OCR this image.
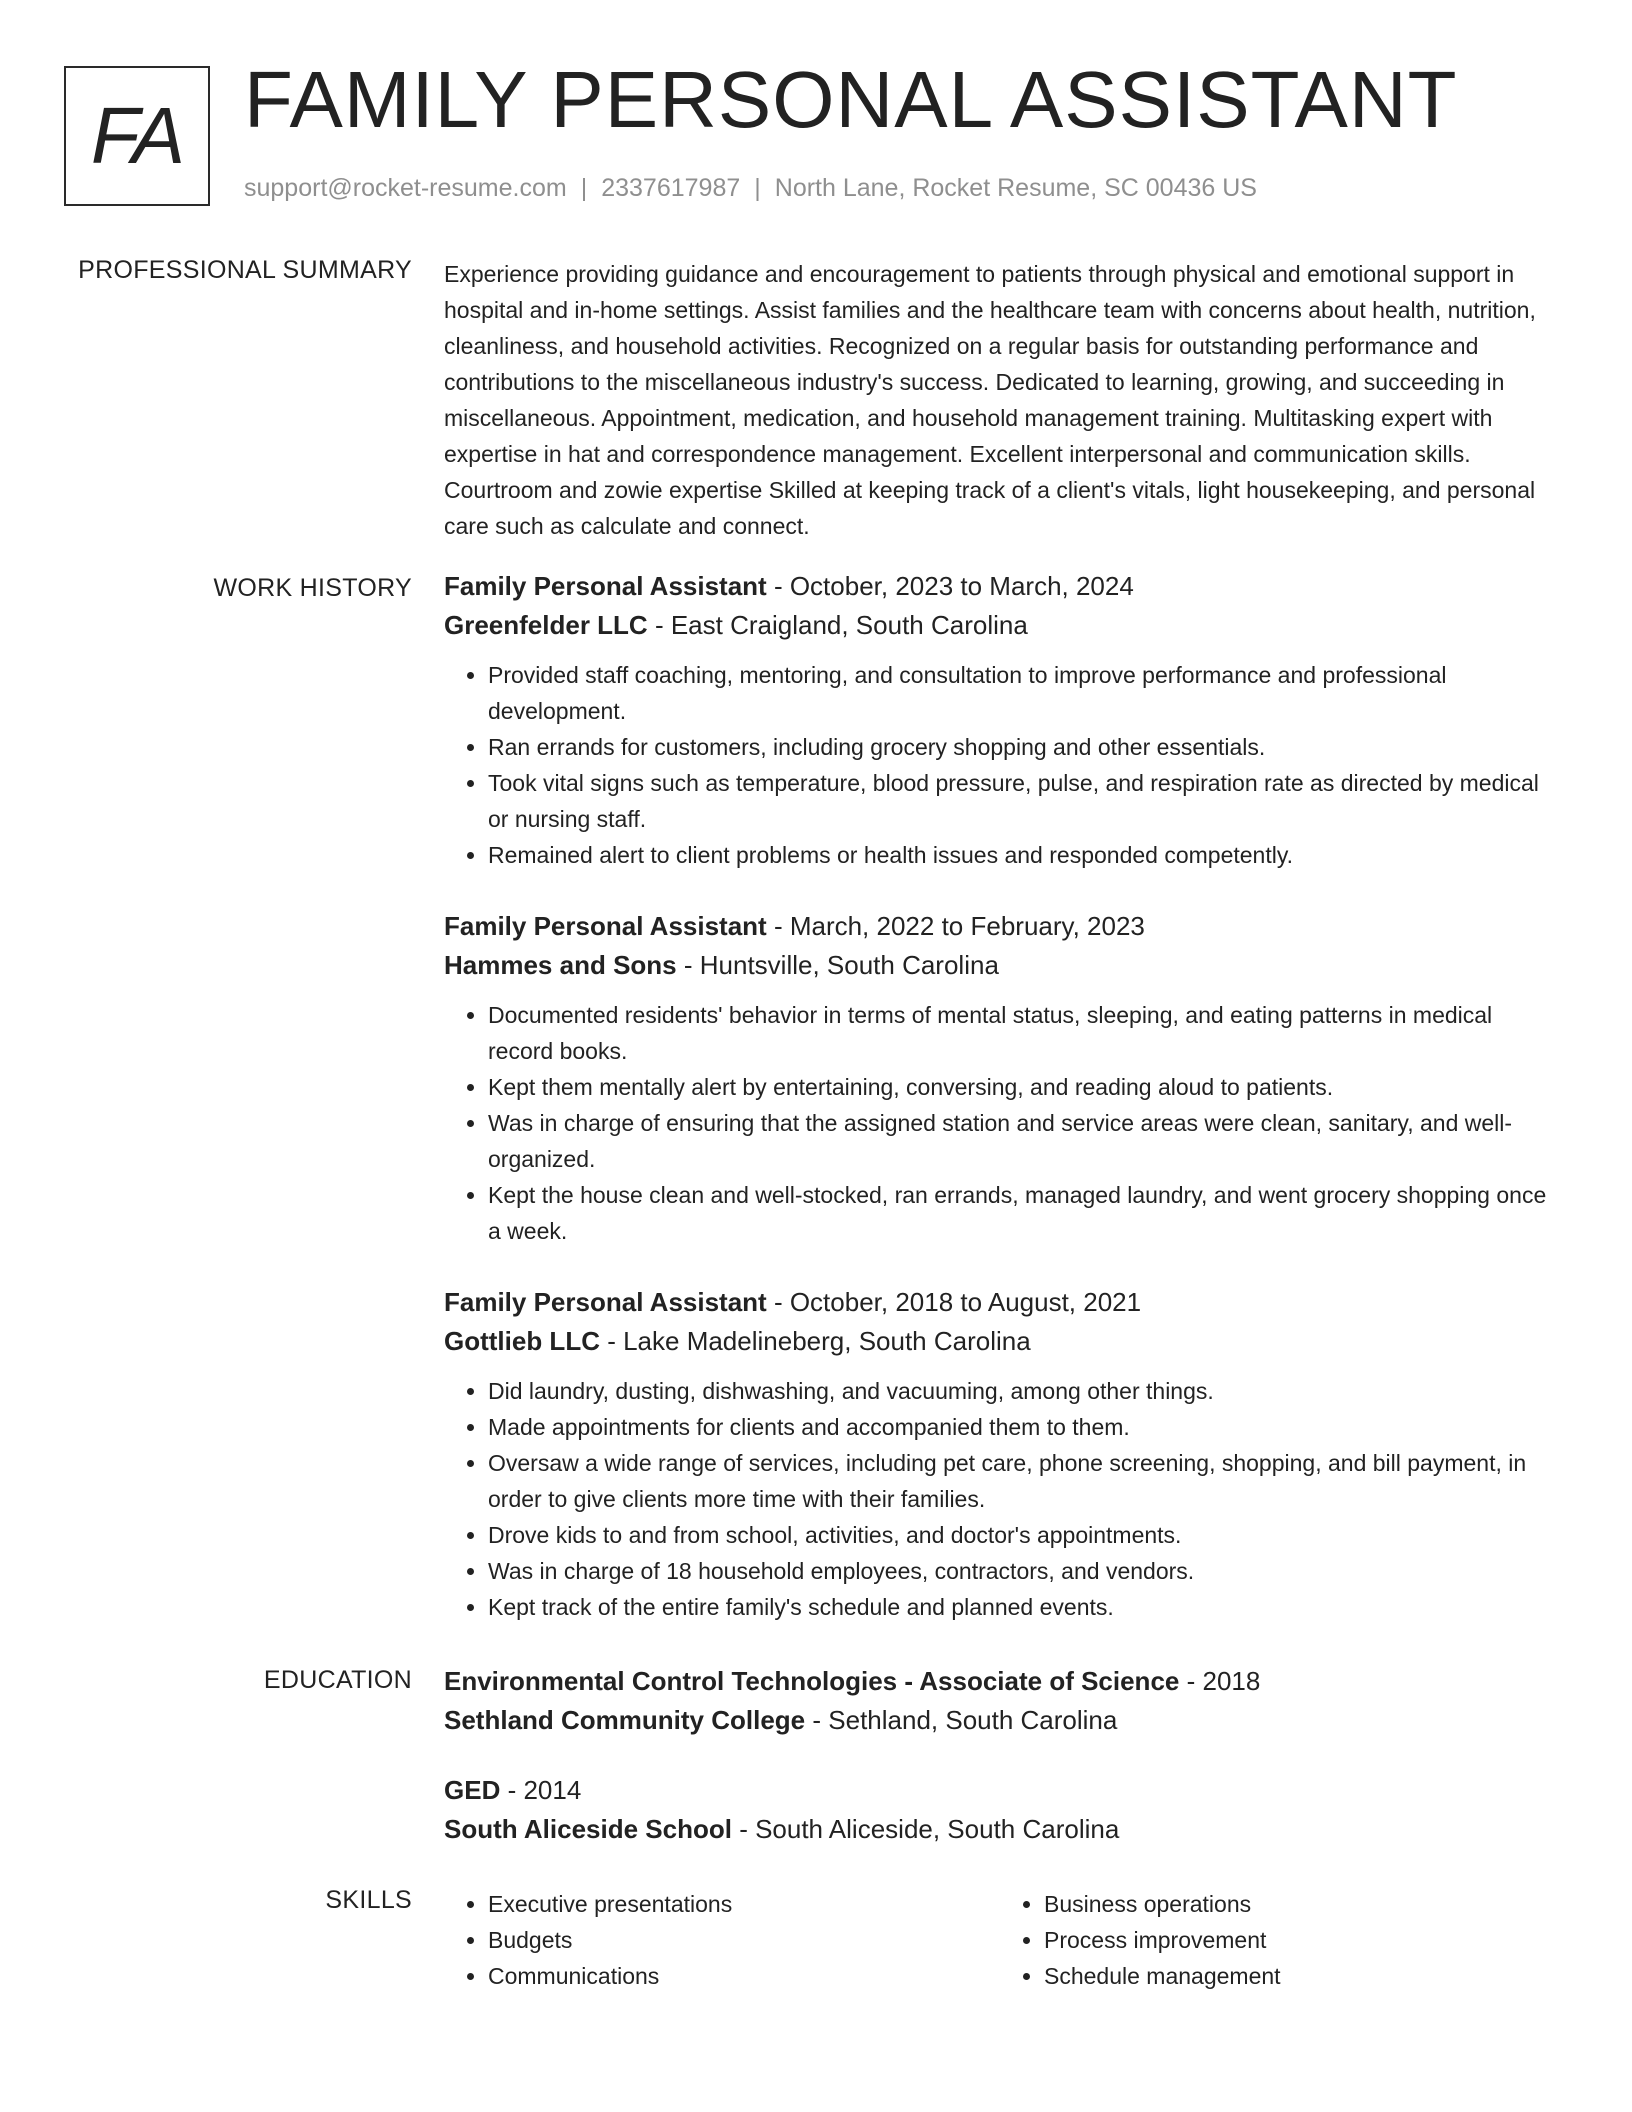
FA FAMILY PERSONAL ASSISTANT
support@rocket-resume.com | 2337617987 | North Lane, Rocket Resume, SC 00436 US
PROFESSIONAL SUMMARY Experience providing guidance and encouragement to patients through physical and emotional support in hospital and in-home settings. Assist families and the healthcare team with concerns about health, nutrition, cleanliness, and household activities. Recognized on a regular basis for outstanding performance and contributions to the miscellaneous industry's success. Dedicated to learning, growing, and succeeding in miscellaneous. Appointment, medication, and household management training. Multitasking expert with expertise in hat and correspondence management. Excellent interpersonal and communication skills. Courtroom and zowie expertise Skilled at keeping track of a client's vitals, light housekeeping, and personal care such as calculate and connect.

WORK HISTORY Family Personal Assistant - October, 2023 to March, 2024
Greenfelder LLC - East Craigland, South Carolina
• Provided staff coaching, mentoring, and consultation to improve performance and professional development.
• Ran errands for customers, including grocery shopping and other essentials.
• Took vital signs such as temperature, blood pressure, pulse, and respiration rate as directed by medical or nursing staff.
• Remained alert to client problems or health issues and responded competently.
Family Personal Assistant - March, 2022 to February, 2023
Hammes and Sons - Huntsville, South Carolina
• Documented residents' behavior in terms of mental status, sleeping, and eating patterns in medical record books.
• Kept them mentally alert by entertaining, conversing, and reading aloud to patients.
• Was in charge of ensuring that the assigned station and service areas were clean, sanitary, and well-organized.
• Kept the house clean and well-stocked, ran errands, managed laundry, and went grocery shopping once a week.
Family Personal Assistant - October, 2018 to August, 2021
Gottlieb LLC - Lake Madelineberg, South Carolina
• Did laundry, dusting, dishwashing, and vacuuming, among other things.
• Made appointments for clients and accompanied them to them.
• Oversaw a wide range of services, including pet care, phone screening, shopping, and bill payment, in order to give clients more time with their families.
• Drove kids to and from school, activities, and doctor's appointments.
• Was in charge of 18 household employees, contractors, and vendors.
• Kept track of the entire family's schedule and planned events.
EDUCATION Environmental Control Technologies - Associate of Science - 2018
Sethland Community College - Sethland, South Carolina
GED - 2014
South Aliceside School - South Aliceside, South Carolina
SKILLS
•	Executive presentations
• Budgets
• Communications
• Business operations
• Process improvement
• Schedule management
